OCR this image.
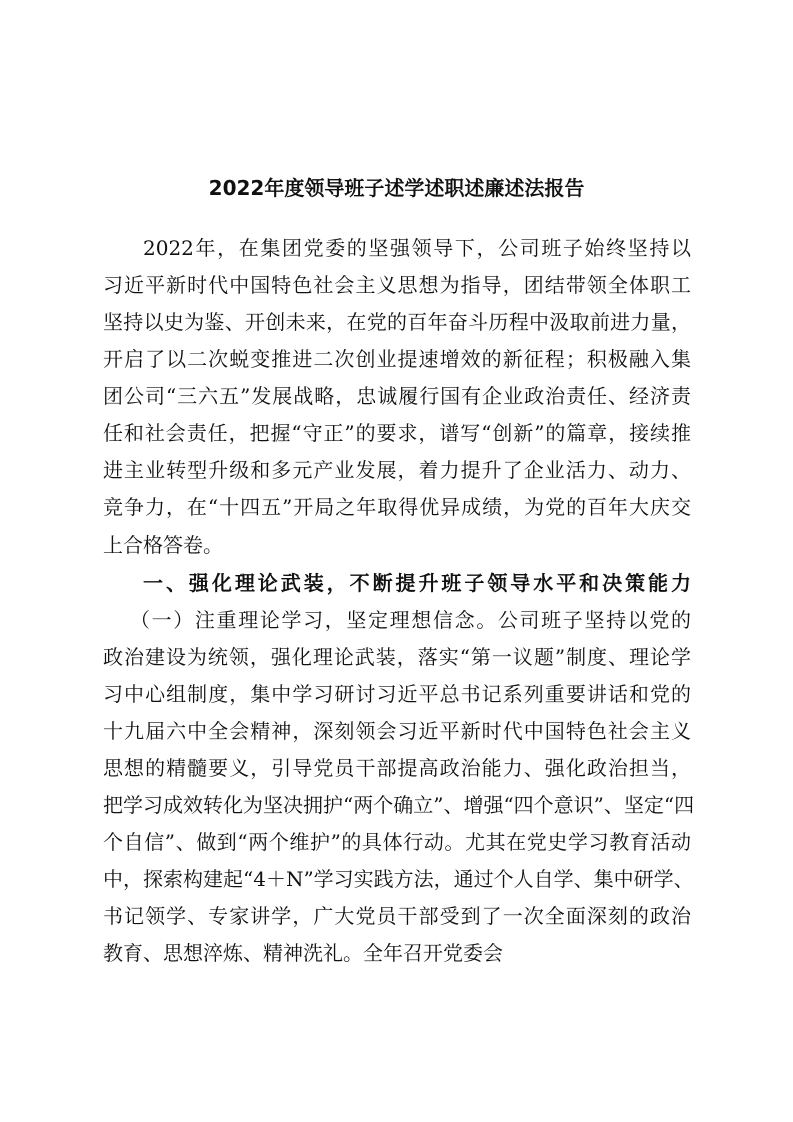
2022年度领导班子述学述职述廉述法报告
2022年，在集团党委的坚强领导下，公司班子始终坚持以
习近平新时代中国特色社会主义思想为指导，团结带领全体职工
坚持以史为鉴、开创未来，在党的百年奋斗历程中汲取前进力量，
开启了以二次蜕变推进二次创业提速增效的新征程；积极融入集
团公司“三六五”发展战略，忠诚履行国有企业政治责任、经济责
任和社会责任，把握“守正”的要求，谱写“创新”的篇章，接续推
进主业转型升级和多元产业发展，着力提升了企业活力、动力、
竞争力，在“十四五”开局之年取得优异成绩，为党的百年大庆交
上合格答卷。
一、强化理论武装，不断提升班子领导水平和决策能力
（一）注重理论学习，坚定理想信念。公司班子坚持以党的
政治建设为统领，强化理论武装，落实“第一议题”制度、理论学
习中心组制度，集中学习研讨习近平总书记系列重要讲话和党的
十九届六中全会精神，深刻领会习近平新时代中国特色社会主义
思想的精髓要义，引导党员干部提高政治能力、强化政治担当，
把学习成效转化为坚决拥护“两个确立”、增强“四个意识”、坚定“四
个自信”、做到“两个维护”的具体行动。尤其在党史学习教育活动
中，探索构建起“4＋N”学习实践方法，通过个人自学、集中研学、
书记领学、专家讲学，广大党员干部受到了一次全面深刻的政治
教育、思想淬炼、精神洗礼。全年召开党委会
